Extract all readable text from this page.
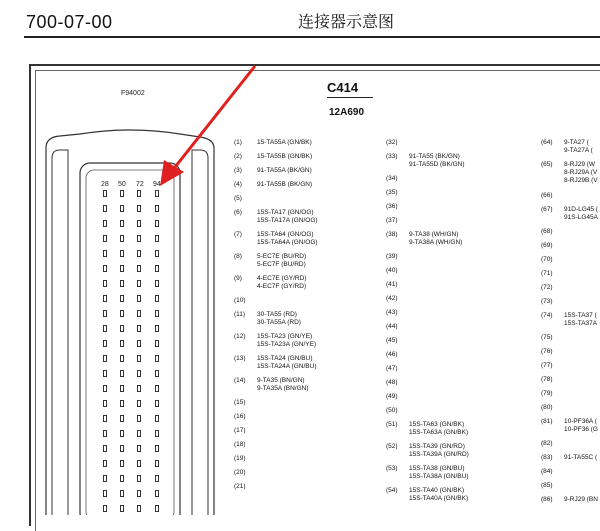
700-07-00	连接器示意图
F94002	C414
12A690
28 50 72 94
(1) 15-TA55A (GN/BK)
(2) 15-TA55B (GN/BK)
(3) 91-TA55A (BK/GN)
(4) 91-TA55B (BK/GN)
(5)
(6) 15S-TA17 (GN/OG)
15S-TA17A (GN/OG)
(7) 15S-TA64 (GN/OG)
15S-TA64A (GN/OG)
(8) 5-EC7E (BU/RD)
5-EC7F (BU/RD)
(9) 4-EC7E (GY/RD)
4-EC7F (GY/RD)
(10)
(11) 30-TA55 (RD)
30-TA55A (RD)
(12) 15S-TA23 (GN/YE)
15S-TA23A (GN/YE)
(13) 15S-TA24 (GN/BU)
15S-TA24A (GN/BU)
(14) 9-TA35 (BN/GN)
9-TA35A (BN/GN)
(15)
(16)
(17)
(18)
(19)
(20)
(21)
(32)
(33) 91-TA55 (BK/GN)
91-TA55D (BK/GN)
(34)
(35)
(36)
(37)
(38) 9-TA38 (WH/GN)
9-TA38A (WH/GN)
(39)
(40)
(41)
(42)
(43)
(44)
(45)
(46)
(47)
(48)
(49)
(50)
(51) 15S-TA63 (GN/BK)
15S-TA63A (GN/BK)
(52) 15S-TA39 (GN/RD)
15S-TA39A (GN/RD)
(53) 15S-TA38 (GN/BU)
15S-TA38A (GN/BU)
(54) 15S-TA40 (GN/BK)
15S-TA40A (GN/BK)
(64) 9-TA27 (
9-TA27A (
(65) 8-RJ29 (W
8-RJ29A (V
8-RJ29B (V
(66)
(67) 91D-LG45 (
91S-LG45A
(68)
(69)
(70)
(71)
(72)
(73)
(74) 15S-TA37 (
15S-TA37A
(75)
(76)
(77)
(78)
(79)
(80)
(81) 10-PF36A (
10-PF36 (G
(82)
(83) 91-TA55C (
(84)
(85)
(86) 9-RJ29 (BN
